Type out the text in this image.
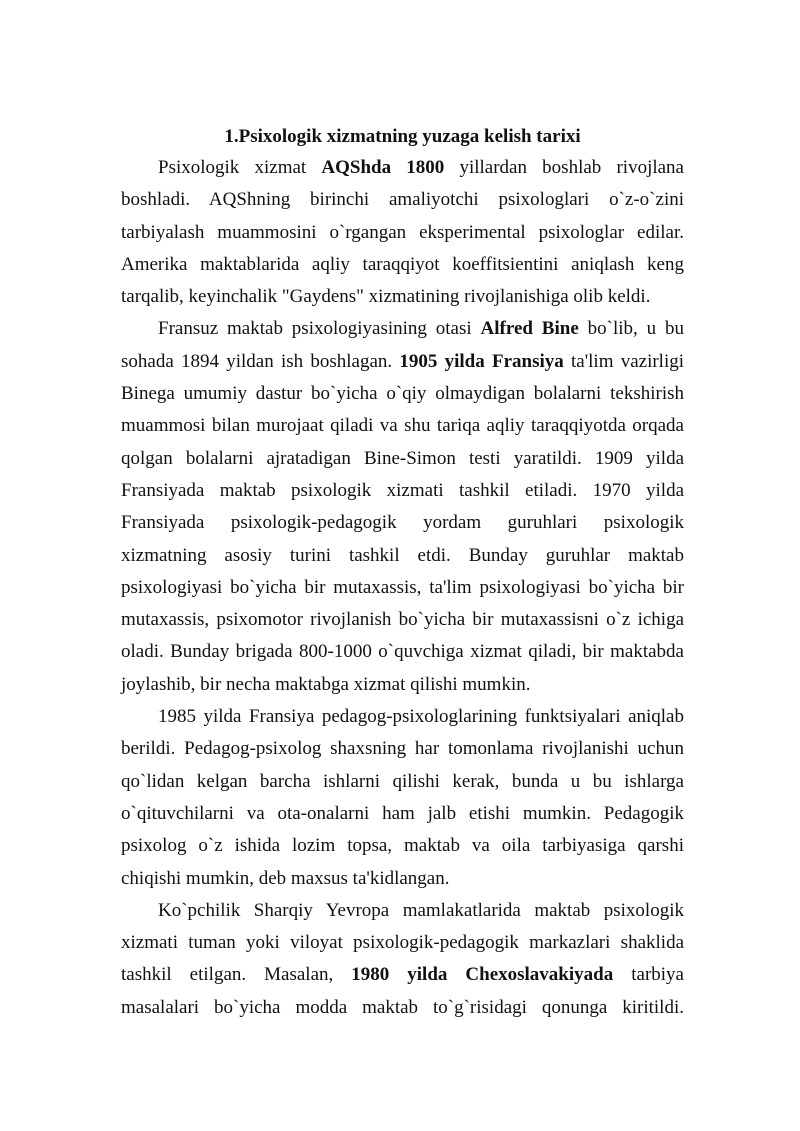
1.Psixologik xizmatning yuzaga kelish tarixi

Psixologik xizmat AQShda 1800 yillardan boshlab rivojlana boshladi. AQShning birinchi amaliyotchi psixologlari o`z-o`zini tarbiyalash muammosini o`rgangan eksperimental psixologlar edilar. Amerika maktablarida aqliy taraqqiyot koeffitsientini aniqlash keng tarqalib, keyinchalik "Gaydens" xizmatining rivojlanishiga olib keldi.

Fransuz maktab psixologiyasining otasi Alfred Bine bo`lib, u bu sohada 1894 yildan ish boshlagan. 1905 yilda Fransiya ta'lim vazirligi Binega umumiy dastur bo`yicha o`qiy olmaydigan bolalarni tekshirish muammosi bilan murojaat qiladi va shu tariqa aqliy taraqqiyotda orqada qolgan bolalarni ajratadigan Bine-Simon testi yaratildi. 1909 yilda Fransiyada maktab psixologik xizmati tashkil etiladi. 1970 yilda Fransiyada psixologik-pedagogik yordam guruhlari psixologik xizmatning asosiy turini tashkil etdi. Bunday guruhlar maktab psixologiyasi bo`yicha bir mutaxassis, ta'lim psixologiyasi bo`yicha bir mutaxassis, psixomotor rivojlanish bo`yicha bir mutaxassisni o`z ichiga oladi. Bunday brigada 800-1000 o`quvchiga xizmat qiladi, bir maktabda joylashib, bir necha maktabga xizmat qilishi mumkin.

1985 yilda Fransiya pedagog-psixologlarining funktsiyalari aniqlab berildi. Pedagog-psixolog shaxsning har tomonlama rivojlanishi uchun qo`lidan kelgan barcha ishlarni qilishi kerak, bunda u bu ishlarga o`qituvchilarni va ota-onalarni ham jalb etishi mumkin. Pedagogik psixolog o`z ishida lozim topsa, maktab va oila tarbiyasiga qarshi chiqishi mumkin, deb maxsus ta'kidlangan.

Ko`pchilik Sharqiy Yevropa mamlakatlarida maktab psixologik xizmati tuman yoki viloyat psixologik-pedagogik markazlari shaklida tashkil etilgan. Masalan, 1980 yilda Chexoslavakiyada tarbiya masalalari bo`yicha modda maktab to`g`risidagi qonunga kiritildi.
